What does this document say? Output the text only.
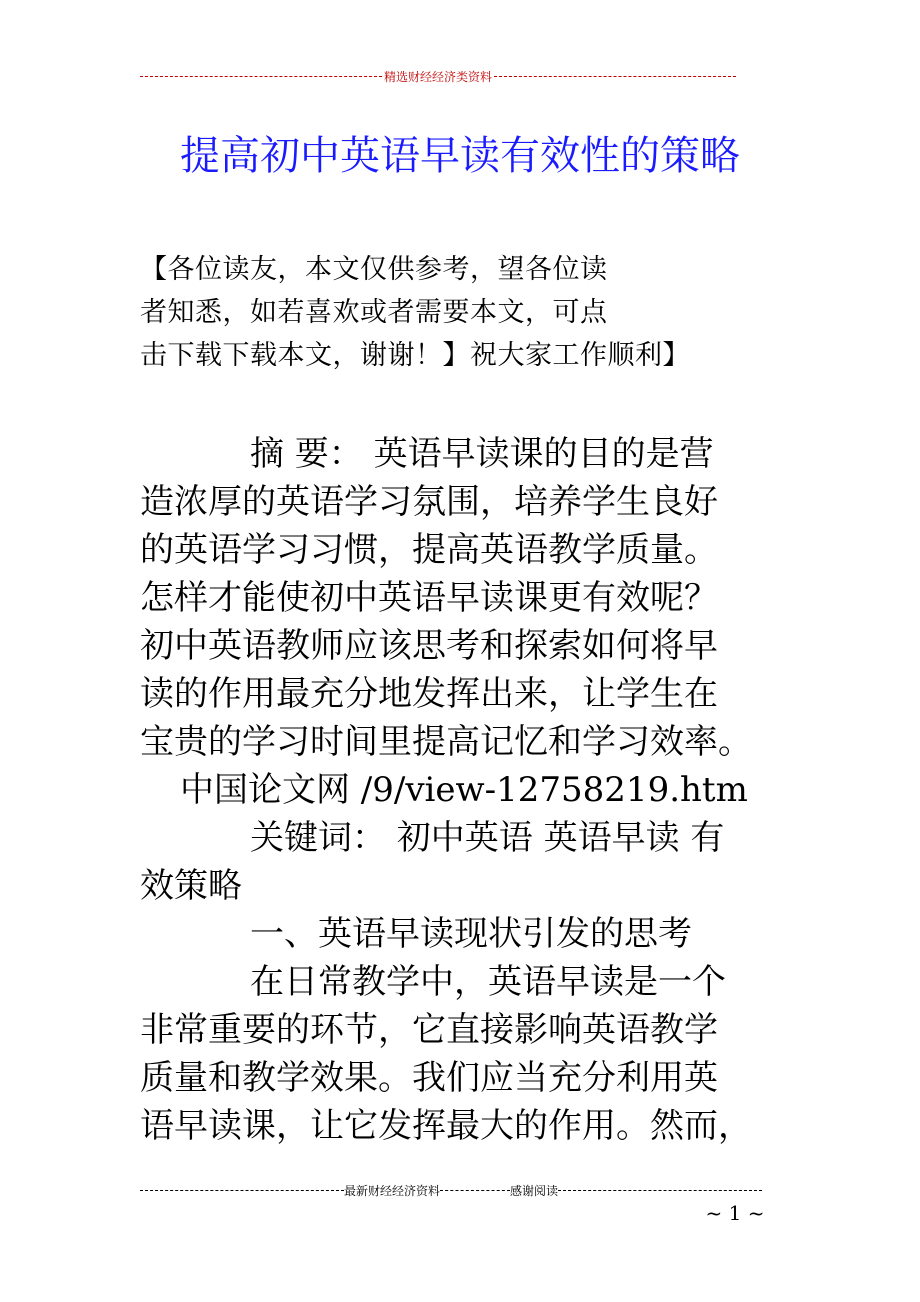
精选财经经济类资料
提高初中英语早读有效性的策略
【各位读友，本文仅供参考，望各位读
者知悉，如若喜欢或者需要本文，可点
击下载下载本文，谢谢！】祝大家工作顺利】
摘 要： 英语早读课的目的是营
造浓厚的英语学习氛围，培养学生良好
的英语学习习惯，提高英语教学质量。
怎样才能使初中英语早读课更有效呢？
初中英语教师应该思考和探索如何将早
读的作用最充分地发挥出来，让学生在
宝贵的学习时间里提高记忆和学习效率。
中国论文网 /9/view-12758219.htm
关键词： 初中英语 英语早读 有
效策略
一、英语早读现状引发的思考
在日常教学中，英语早读是一个
非常重要的环节，它直接影响英语教学
质量和教学效果。我们应当充分利用英
语早读课，让它发挥最大的作用。然而，
最新财经经济资料	感谢阅读
~ 1 ~
